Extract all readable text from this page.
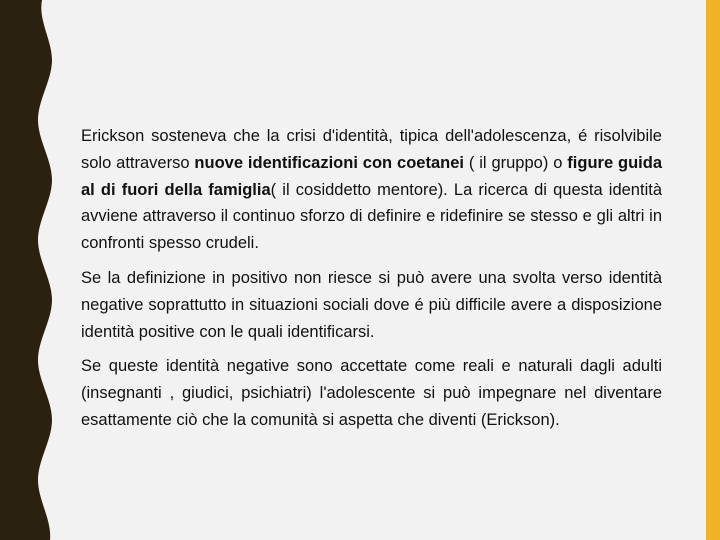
Erickson sosteneva che la crisi d'identità, tipica dell'adolescenza, é risolvibile solo attraverso nuove identificazioni con coetanei ( il gruppo) o figure guida al di fuori della famiglia( il cosiddetto mentore). La ricerca di questa identità avviene attraverso il continuo sforzo di definire e ridefinire se stesso e gli altri in confronti spesso crudeli.

Se la definizione in positivo non riesce si può avere una svolta verso identità negative soprattutto in situazioni sociali dove é più difficile avere a disposizione identità positive con le quali identificarsi.

Se queste identità negative sono accettate come reali e naturali dagli adulti (insegnanti , giudici, psichiatri) l'adolescente si può impegnare nel diventare esattamente ciò che la comunità si aspetta che diventi (Erickson).
